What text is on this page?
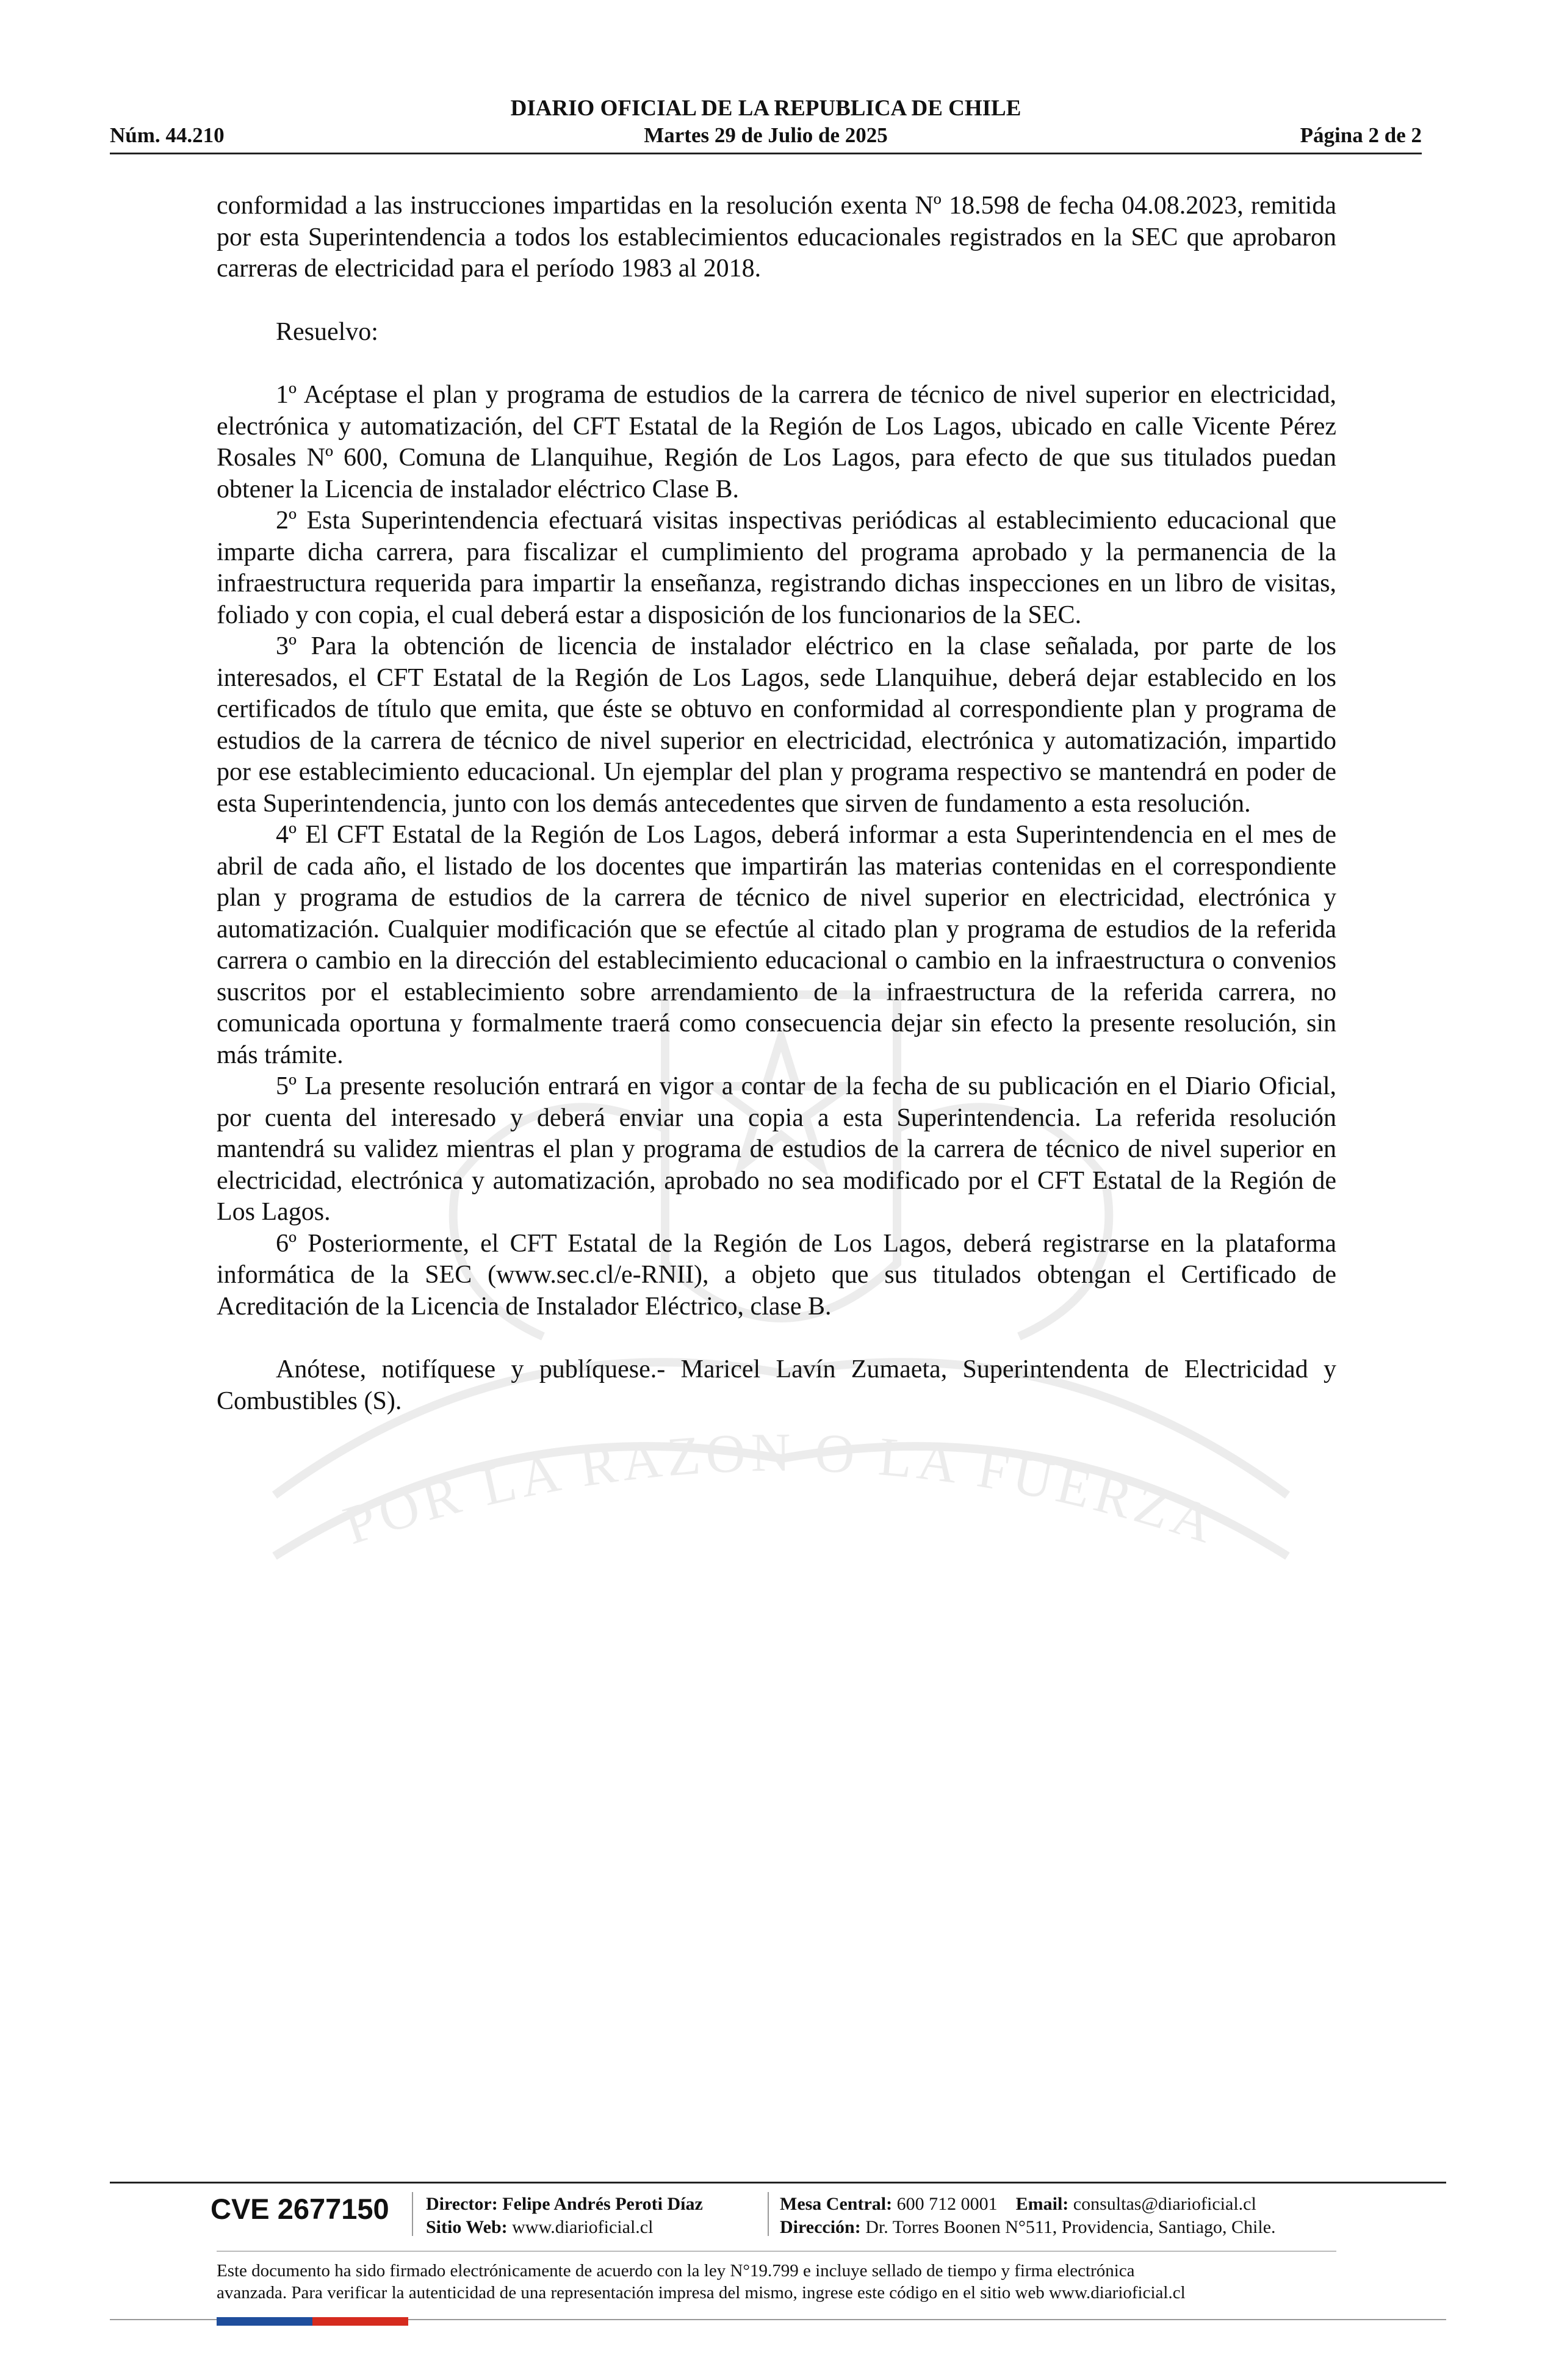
DIARIO OFICIAL DE LA REPUBLICA DE CHILE
Núm. 44.210	Martes 29 de Julio de 2025	Página 2 de 2
POR LA RAZON O LA FUERZA

conformidad a las instrucciones impartidas en la resolución exenta Nº 18.598 de fecha 04.08.2023, remitida por esta Superintendencia a todos los establecimientos educacionales registrados en la SEC que aprobaron carreras de electricidad para el período 1983 al 2018.

Resuelvo:

1º Acéptase el plan y programa de estudios de la carrera de técnico de nivel superior en electricidad, electrónica y automatización, del CFT Estatal de la Región de Los Lagos, ubicado en calle Vicente Pérez Rosales Nº 600, Comuna de Llanquihue, Región de Los Lagos, para efecto de que sus titulados puedan obtener la Licencia de instalador eléctrico Clase B.

2º Esta Superintendencia efectuará visitas inspectivas periódicas al establecimiento educacional que imparte dicha carrera, para fiscalizar el cumplimiento del programa aprobado y la permanencia de la infraestructura requerida para impartir la enseñanza, registrando dichas inspecciones en un libro de visitas, foliado y con copia, el cual deberá estar a disposición de los funcionarios de la SEC.

3º Para la obtención de licencia de instalador eléctrico en la clase señalada, por parte de los interesados, el CFT Estatal de la Región de Los Lagos, sede Llanquihue, deberá dejar establecido en los certificados de título que emita, que éste se obtuvo en conformidad al correspondiente plan y programa de estudios de la carrera de técnico de nivel superior en electricidad, electrónica y automatización, impartido por ese establecimiento educacional. Un ejemplar del plan y programa respectivo se mantendrá en poder de esta Superintendencia, junto con los demás antecedentes que sirven de fundamento a esta resolución.

4º El CFT Estatal de la Región de Los Lagos, deberá informar a esta Superintendencia en el mes de abril de cada año, el listado de los docentes que impartirán las materias contenidas en el correspondiente plan y programa de estudios de la carrera de técnico de nivel superior en electricidad, electrónica y automatización. Cualquier modificación que se efectúe al citado plan y programa de estudios de la referida carrera o cambio en la dirección del establecimiento educacional o cambio en la infraestructura o convenios suscritos por el establecimiento sobre arrendamiento de la infraestructura de la referida carrera, no comunicada oportuna y formalmente traerá como consecuencia dejar sin efecto la presente resolución, sin más trámite.

5º La presente resolución entrará en vigor a contar de la fecha de su publicación en el Diario Oficial, por cuenta del interesado y deberá enviar una copia a esta Superintendencia. La referida resolución mantendrá su validez mientras el plan y programa de estudios de la carrera de técnico de nivel superior en electricidad, electrónica y automatización, aprobado no sea modificado por el CFT Estatal de la Región de Los Lagos.

6º Posteriormente, el CFT Estatal de la Región de Los Lagos, deberá registrarse en la plataforma informática de la SEC (www.sec.cl/e-RNII), a objeto que sus titulados obtengan el Certificado de Acreditación de la Licencia de Instalador Eléctrico, clase B.

Anótese, notifíquese y publíquese.- Maricel Lavín Zumaeta, Superintendenta de Electricidad y Combustibles (S).

CVE 2677150	Director: Felipe Andrés Peroti Díaz
Sitio Web: www.diarioficial.cl
Mesa Central: 600 712 0001 Email: consultas@diarioficial.cl
Dirección: Dr. Torres Boonen N°511, Providencia, Santiago, Chile.
Este documento ha sido firmado electrónicamente de acuerdo con la ley N°19.799 e incluye sellado de tiempo y firma electrónica
avanzada. Para verificar la autenticidad de una representación impresa del mismo, ingrese este código en el sitio web www.diarioficial.cl
